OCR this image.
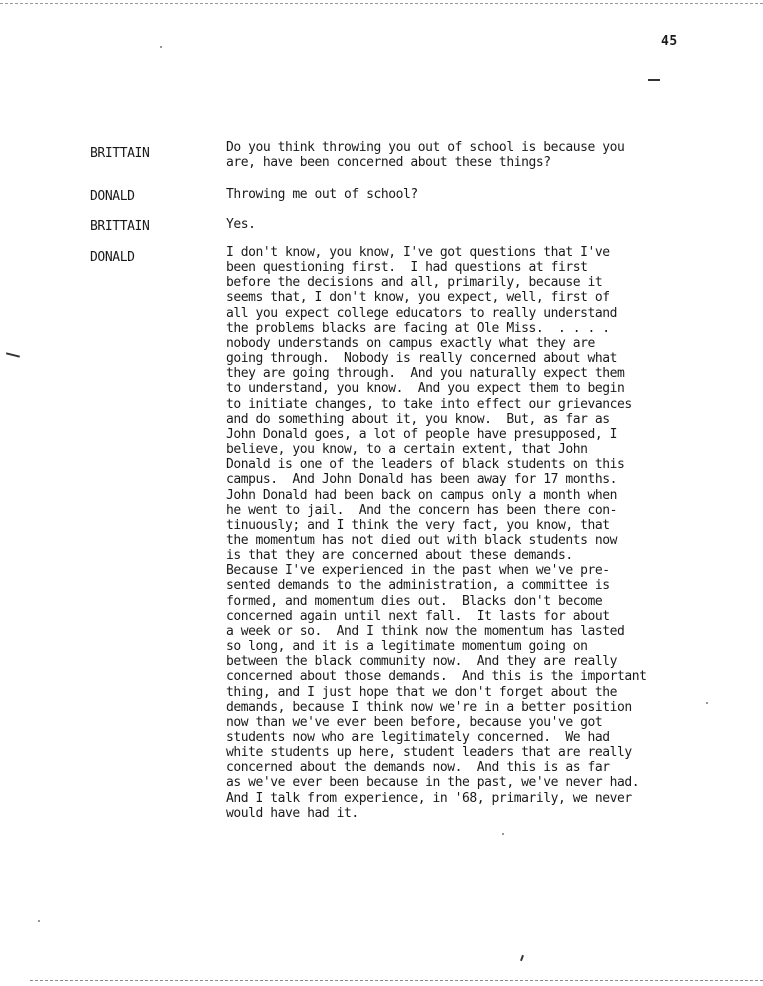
45
BRITTAIN	Do you think throwing you out of school is because you
are, have been concerned about these things?
DONALD	Throwing me out of school?
BRITTAIN	Yes.
DONALD	I don't know, you know, I've got questions that I've
been questioning first.  I had questions at first
before the decisions and all, primarily, because it
seems that, I don't know, you expect, well, first of
all you expect college educators to really understand
the problems blacks are facing at Ole Miss.  . . . .
nobody understands on campus exactly what they are
going through.  Nobody is really concerned about what
they are going through.  And you naturally expect them
to understand, you know.  And you expect them to begin
to initiate changes, to take into effect our grievances
and do something about it, you know.  But, as far as
John Donald goes, a lot of people have presupposed, I
believe, you know, to a certain extent, that John
Donald is one of the leaders of black students on this
campus.  And John Donald has been away for 17 months.
John Donald had been back on campus only a month when
he went to jail.  And the concern has been there con-
tinuously; and I think the very fact, you know, that
the momentum has not died out with black students now
is that they are concerned about these demands.
Because I've experienced in the past when we've pre-
sented demands to the administration, a committee is
formed, and momentum dies out.  Blacks don't become
concerned again until next fall.  It lasts for about
a week or so.  And I think now the momentum has lasted
so long, and it is a legitimate momentum going on
between the black community now.  And they are really
concerned about those demands.  And this is the important
thing, and I just hope that we don't forget about the
demands, because I think now we're in a better position
now than we've ever been before, because you've got
students now who are legitimately concerned.  We had
white students up here, student leaders that are really
concerned about the demands now.  And this is as far
as we've ever been because in the past, we've never had.
And I talk from experience, in '68, primarily, we never
would have had it.
